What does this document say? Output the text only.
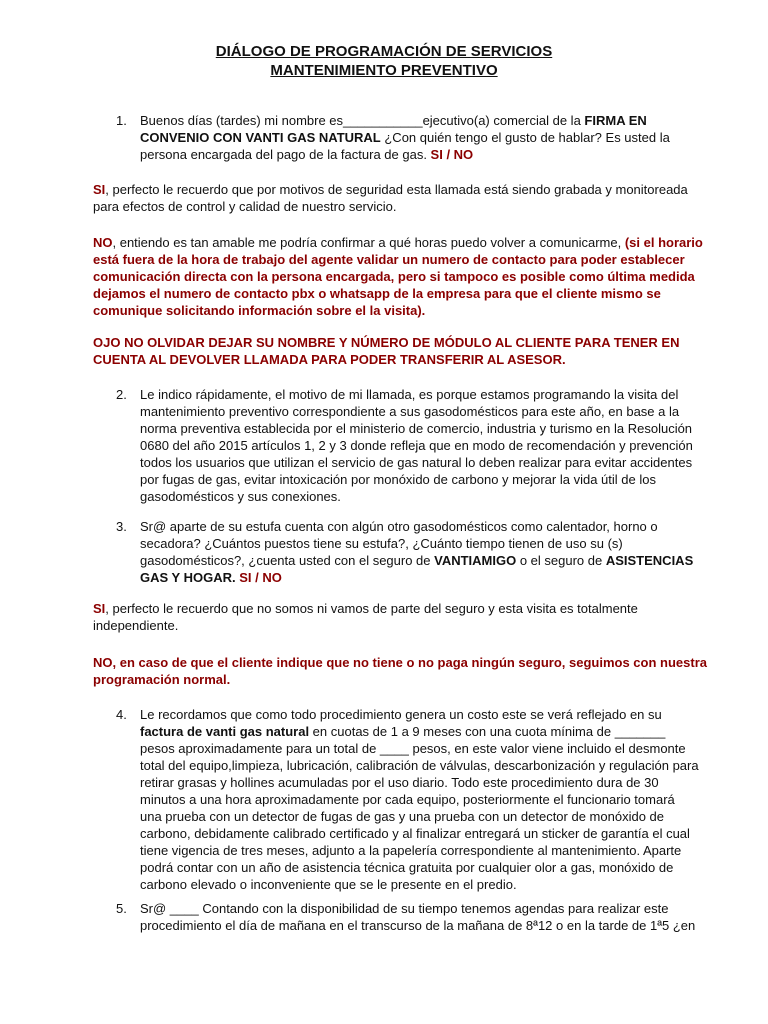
DIÁLOGO DE PROGRAMACIÓN DE SERVICIOS
MANTENIMIENTO PREVENTIVO
1. Buenos días (tardes) mi nombre es___________ejecutivo(a) comercial de la FIRMA EN CONVENIO CON VANTI GAS NATURAL ¿Con quién tengo el gusto de hablar? Es usted la persona encargada del pago de la factura de gas. SI / NO

SI, perfecto le recuerdo que por motivos de seguridad esta llamada está siendo grabada y monitoreada para efectos de control y calidad de nuestro servicio.

NO, entiendo es tan amable me podría confirmar a qué horas puedo volver a comunicarme, (si el horario está fuera de la hora de trabajo del agente validar un numero de contacto para poder establecer comunicación directa con la persona encargada, pero si tampoco es posible como última medida dejamos el numero de contacto pbx o whatsapp de la empresa para que el cliente mismo se comunique solicitando información sobre el la visita).

OJO NO OLVIDAR DEJAR SU NOMBRE Y NÚMERO DE MÓDULO AL CLIENTE PARA TENER EN CUENTA AL DEVOLVER LLAMADA PARA PODER TRANSFERIR AL ASESOR.

2. Le indico rápidamente, el motivo de mi llamada, es porque estamos programando la visita del mantenimiento preventivo correspondiente a sus gasodomésticos para este año, en base a la norma preventiva establecida por el ministerio de comercio, industria y turismo en la Resolución 0680 del año 2015 artículos 1, 2 y 3 donde refleja que en modo de recomendación y prevención todos los usuarios que utilizan el servicio de gas natural lo deben realizar para evitar accidentes por fugas de gas, evitar intoxicación por monóxido de carbono y mejorar la vida útil de los gasodomésticos y sus conexiones.

3. Sr@ aparte de su estufa cuenta con algún otro gasodomésticos como calentador, horno o secadora? ¿Cuántos puestos tiene su estufa?, ¿Cuánto tiempo tienen de uso su (s) gasodomésticos?, ¿cuenta usted con el seguro de VANTIAMIGO o el seguro de ASISTENCIAS GAS Y HOGAR. SI / NO

SI, perfecto le recuerdo que no somos ni vamos de parte del seguro y esta visita es totalmente independiente.

NO, en caso de que el cliente indique que no tiene o no paga ningún seguro, seguimos con nuestra programación normal.

4. Le recordamos que como todo procedimiento genera un costo este se verá reflejado en su factura de vanti gas natural en cuotas de 1 a 9 meses con una cuota mínima de _______ pesos aproximadamente para un total de ____ pesos, en este valor viene incluido el desmonte total del equipo,limpieza, lubricación, calibración de válvulas, descarbonización y regulación para retirar grasas y hollines acumuladas por el uso diario. Todo este procedimiento dura de 30 minutos a una hora aproximadamente por cada equipo, posteriormente el funcionario tomará una prueba con un detector de fugas de gas y una prueba con un detector de monóxido de carbono, debidamente calibrado certificado y al finalizar entregará un sticker de garantía el cual tiene vigencia de tres meses, adjunto a la papelería correspondiente al mantenimiento. Aparte podrá contar con un año de asistencia técnica gratuita por cualquier olor a gas, monóxido de carbono elevado o inconveniente que se le presente en el predio.

5. Sr@ ____ Contando con la disponibilidad de su tiempo tenemos agendas para realizar este procedimiento el día de mañana en el transcurso de la mañana de 8ª12 o en la tarde de 1ª5 ¿en
